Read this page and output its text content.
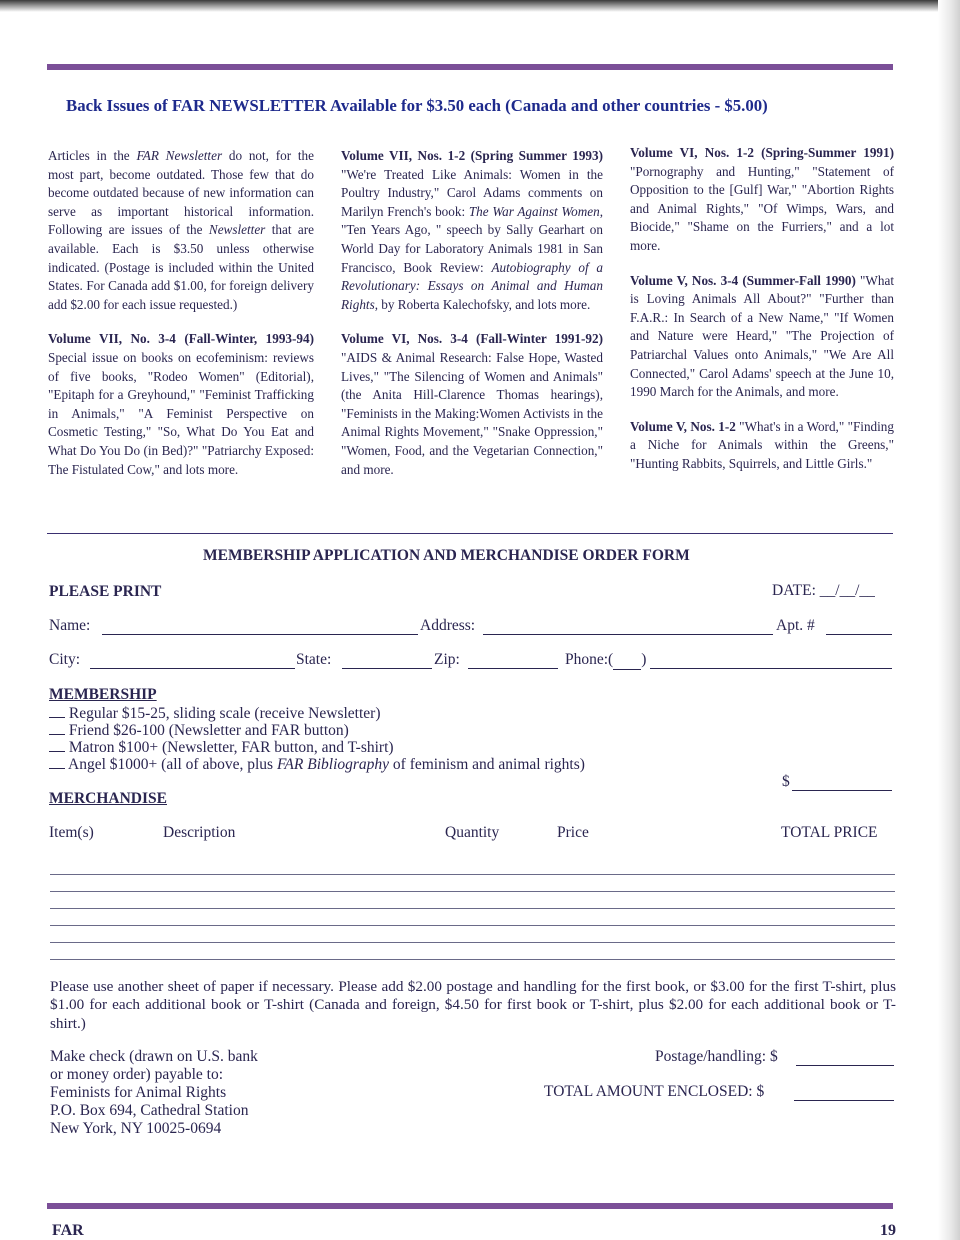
Back Issues of FAR NEWSLETTER Available for $3.50 each (Canada and other countries - $5.00)

Articles in the FAR Newsletter do not, for the most part, become outdated. Those few that do become outdated because of new information can serve as important historical information. Following are issues of the Newsletter that are available. Each is $3.50 unless otherwise indicated. (Postage is included within the United States. For Canada add $1.00, for foreign delivery add $2.00 for each issue requested.)

Volume VII, No. 3-4 (Fall-Winter, 1993-94) Special issue on books on ecofeminism: reviews of five books, "Rodeo Women" (Editorial), "Epitaph for a Greyhound," "Feminist Trafficking in Animals," "A Feminist Perspective on Cosmetic Testing," "So, What Do You Eat and What Do You Do (in Bed)?" "Patriarchy Exposed: The Fistulated Cow," and lots more.

Volume VII, Nos. 1-2 (Spring Summer 1993) "We're Treated Like Animals: Women in the Poultry Industry," Carol Adams comments on Marilyn French's book: The War Against Women, "Ten Years Ago, " speech by Sally Gearhart on World Day for Laboratory Animals 1981 in San Francisco, Book Review: Autobiography of a Revolutionary: Essays on Animal and Human Rights, by Roberta Kalechofsky, and lots more.

Volume VI, Nos. 3-4 (Fall-Winter 1991-92) "AIDS & Animal Research: False Hope, Wasted Lives," "The Silencing of Women and Animals" (the Anita Hill-Clarence Thomas hearings), "Feminists in the Making:Women Activists in the Animal Rights Movement," "Snake Oppression," "Women, Food, and the Vegetarian Connection," and more.

Volume VI, Nos. 1-2 (Spring-Summer 1991) "Pornography and Hunting," "Statement of Opposition to the [Gulf] War," "Abortion Rights and Animal Rights," "Of Wimps, Wars, and Biocide," "Shame on the Furriers," and a lot more.

Volume V, Nos. 3-4 (Summer-Fall 1990) "What is Loving Animals All About?" "Further than F.A.R.: In Search of a New Name," "If Women and Nature were Heard," "The Projection of Patriarchal Values onto Animals," "We Are All Connected," Carol Adams' speech at the June 10, 1990 March for the Animals, and more.

Volume V, Nos. 1-2 "What's in a Word," "Finding a Niche for Animals within the Greens," "Hunting Rabbits, Squirrels, and Little Girls."

MEMBERSHIP APPLICATION AND MERCHANDISE ORDER FORM
PLEASE PRINT	DATE: __/__/__
Name:	Address:	Apt. #
City:	State:	Zip:	Phone:( )
MEMBERSHIP
Regular $15-25, sliding scale (receive Newsletter)
Friend $26-100 (Newsletter and FAR button)
Matron $100+ (Newsletter, FAR button, and T-shirt)
Angel $1000+ (all of above, plus FAR Bibliography of feminism and animal rights)
$
MERCHANDISE
Item(s)	Description	Quantity	Price	TOTAL PRICE
Please use another sheet of paper if necessary. Please add $2.00 postage and handling for the first book, or $3.00 for the first T-shirt, plus $1.00 for each additional book or T-shirt (Canada and foreign, $4.50 for first book or T-shirt, plus $2.00 for each additional book or T-shirt.)
Make check (drawn on U.S. bank
or money order) payable to:
Feminists for Animal Rights
P.O. Box 694, Cathedral Station
New York, NY 10025-0694
Postage/handling: $
TOTAL AMOUNT ENCLOSED: $
FAR	19
